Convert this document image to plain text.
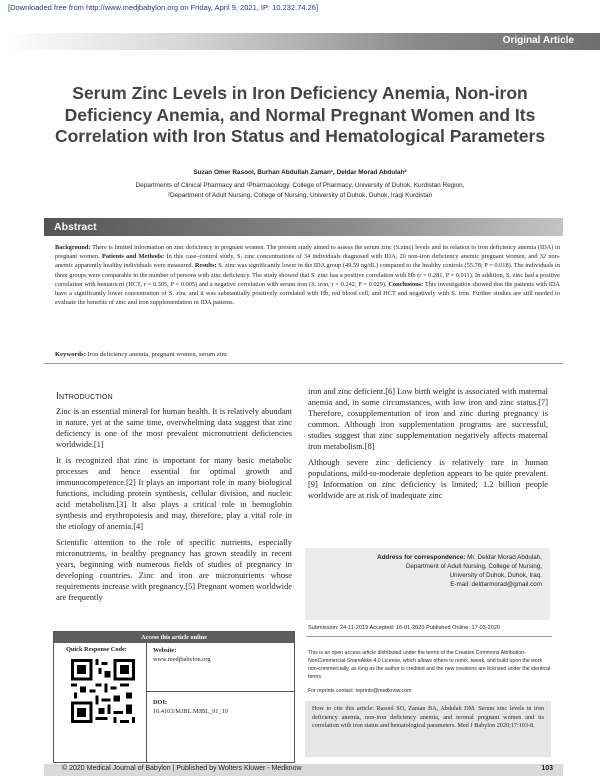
[Downloaded free from http://www.medjbabylon.org on Friday, April 9, 2021, IP: 10.232.74.26]
Original Article
Serum Zinc Levels in Iron Deficiency Anemia, Non-iron Deficiency Anemia, and Normal Pregnant Women and Its Correlation with Iron Status and Hematological Parameters
Suzan Omer Rasool, Burhan Abdullah Zaman¹, Deldar Morad Abdulah²
Departments of Clinical Pharmacy and ¹Pharmacology, College of Pharmacy, University of Duhok, Kurdistan Region,
²Department of Adult Nursing, College of Nursing, University of Duhok, Duhok, Iraqi Kurdistan
Abstract
Background: There is limited information on zinc deficiency in pregnant women. The present study aimed to assess the serum zinc (S.zinc) levels and its relation to iron deficiency anemia (IDA) in pregnant women. Patients and Methods: In this case–control study, S. zinc concentrations of 34 individuals diagnosed with IDA, 20 non-iron deficiency anemic pregnant women, and 32 non-anemic apparently healthy individuals were measured. Results: S. zinc was significantly lower in the IDA group (49.59 ng/dL) compared to the healthy controls (55.78; P = 0.018). The individuals in three groups were comparable in the number of persons with zinc deficiency. The study showed that S. zinc has a positive correlation with Hb (r = 0.281, P = 0.011). In addition, S. zinc had a positive correlation with hematocrit (HCT, r = 0.305, P = 0.005) and a negative correlation with serum iron (S. iron, r = 0.242, P = 0.029). Conclusions: This investigation showed that the patients with IDA have a significantly lower concentration of S. zinc and it was substantially positively correlated with Hb, red blood cell, and HCT and negatively with S. iron. Further studies are still needed to evaluate the benefits of zinc and iron supplementation in IDA patients.
Keywords: Iron deficiency anemia, pregnant women, serum zinc
Introduction

Zinc is an essential mineral for human health. It is relatively abundant in nature, yet at the same time, overwhelming data suggest that zinc deficiency is one of the most prevalent micronutrient deficiencies worldwide.[1]

It is recognized that zinc is important for many basic metabolic processes and hence essential for optimal growth and immunocompetence.[2] It plays an important role in many biological functions, including protein synthesis, cellular division, and nucleic acid metabolism.[3] It also plays a critical role in hemoglobin synthesis and erythropoiesis and may, therefore, play a vital role in the etiology of anemia.[4]

Scientific attention to the role of specific nutrients, especially micronutrients, in healthy pregnancy has grown steadily in recent years, beginning with numerous fields of studies of pregnancy in developing countries. Zinc and iron are micronutrients whose requirements increase with pregnancy.[5] Pregnant women worldwide are frequently

iron and zinc deficient.[6] Low birth weight is associated with maternal anemia and, in some circumstances, with low iron and zinc status.[7] Therefore, cosupplementation of iron and zinc during pregnancy is common. Although iron supplementation programs are successful, studies suggest that zinc supplementation negatively affects maternal iron metabolism.[8]

Although severe zinc deficiency is relatively rare in human populations, mild-to-moderate depletion appears to be quite prevalent.[9] Information on zinc deficiency is limited; 1.2 billion people worldwide are at risk of inadequate zinc

Address for correspondence: Mr. Deldar Morad Abdulah,
Department of Adult Nursing, College of Nursing,
University of Duhok, Duhok, Iraq.
E-mail: deldarmorad@gmail.com
Submission: 24-11-2019 Accepted: 16-01-2020 Published Online: 17-03-2020
This is an open access article distributed under the terms of the Creative Commons Attribution-NonCommercial-ShareAlike 4.0 License, which allows others to remix, tweak, and build upon the work non-commercially, as long as the author is credited and the new creations are licensed under the identical terms.
For reprints contact: reprints@medknow.com
How to cite this article: Rasool SO, Zaman BA, Abdulah DM. Serum zinc levels in iron deficiency anemia, non-iron deficiency anemia, and normal pregnant women and its correlation with iron status and hematological parameters. Med J Babylon 2020;17:103-8.
Access this article online
Quick Response Code:	Website:
www.medjbabylon.org
DOI:
10.4103/MJBL.MJBL_91_19
© 2020 Medical Journal of Babylon | Published by Wolters Kluwer - Medknow	103
